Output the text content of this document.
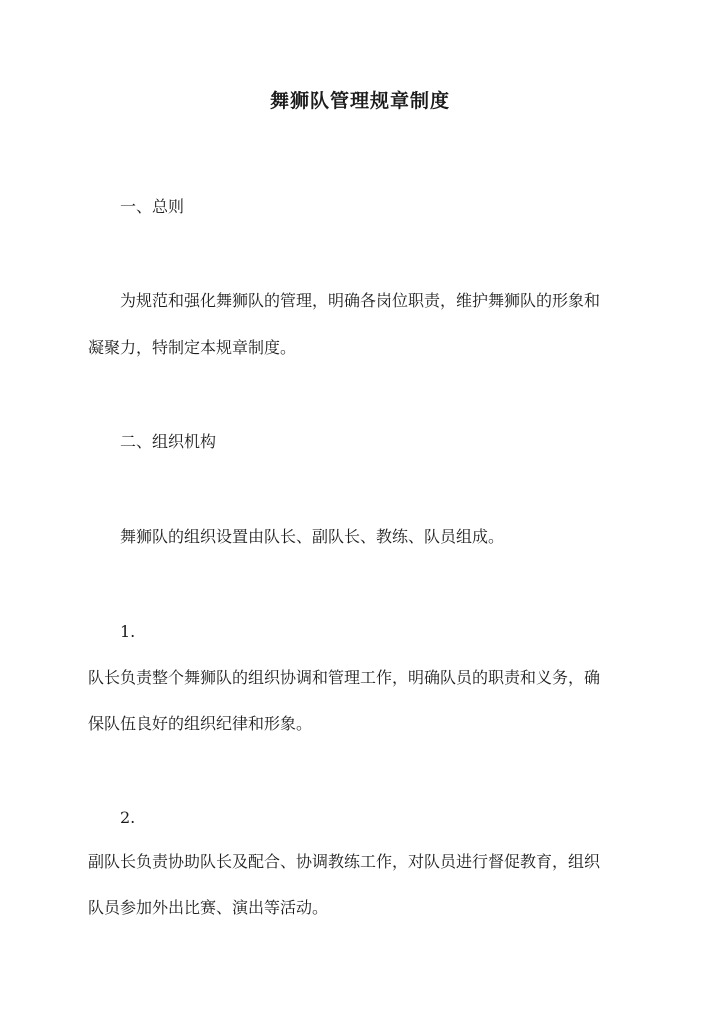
舞狮队管理规章制度
一、总则
为规范和强化舞狮队的管理，明确各岗位职责，维护舞狮队的形象和
凝聚力，特制定本规章制度。
二、组织机构
舞狮队的组织设置由队长、副队长、教练、队员组成。
1.
队长负责整个舞狮队的组织协调和管理工作，明确队员的职责和义务，确
保队伍良好的组织纪律和形象。
2.
副队长负责协助队长及配合、协调教练工作，对队员进行督促教育，组织
队员参加外出比赛、演出等活动。
